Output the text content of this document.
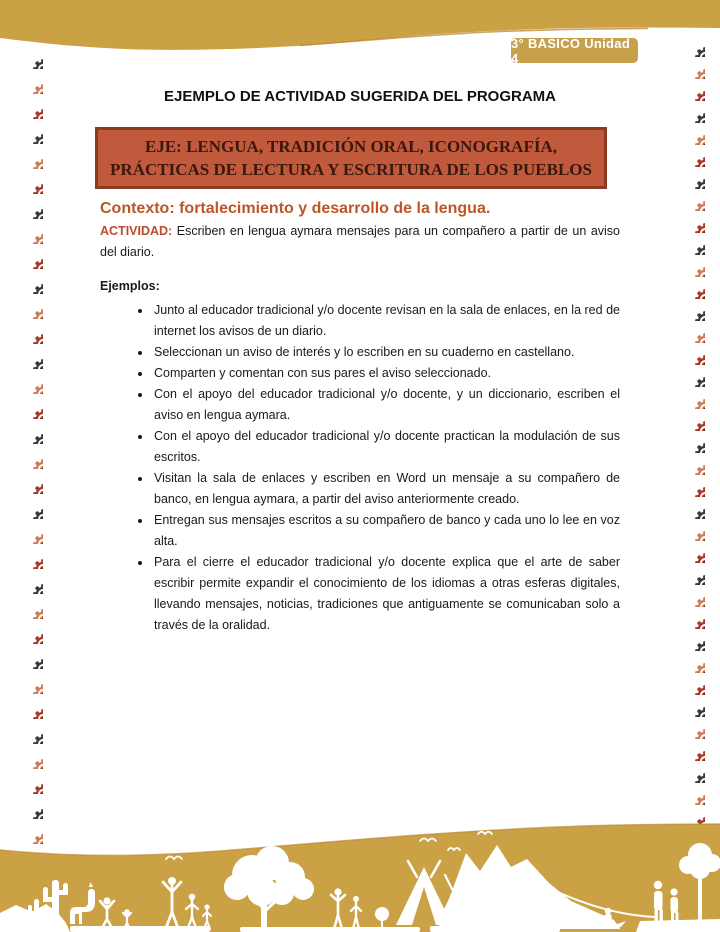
3° BÁSICO Unidad 4
EJEMPLO DE ACTIVIDAD SUGERIDA DEL PROGRAMA
EJE: LENGUA, TRADICIÓN ORAL, ICONOGRAFÍA,
PRÁCTICAS DE LECTURA Y ESCRITURA DE LOS PUEBLOS
Contexto: fortalecimiento y desarrollo de la lengua.

ACTIVIDAD: Escriben en lengua aymara mensajes para un compañero a partir de un aviso del diario.

Ejemplos:

• Junto al educador tradicional y/o docente revisan en la sala de enlaces, en la red de internet los avisos de un diario.
• Seleccionan un aviso de interés y lo escriben en su cuaderno en castellano.
• Comparten y comentan con sus pares el aviso seleccionado.
• Con el apoyo del educador tradicional y/o docente, y un diccionario, escriben el aviso en lengua aymara.
• Con el apoyo del educador tradicional y/o docente practican la modulación de sus escritos.
• Visitan la sala de enlaces y escriben en Word un mensaje a su compañero de banco, en lengua aymara, a partir del aviso anteriormente creado.
• Entregan sus mensajes escritos a su compañero de banco y cada uno lo lee en voz alta.
• Para el cierre el educador tradicional y/o docente explica que el arte de saber escribir permite expandir el conocimiento de los idiomas a otras esferas digitales, llevando mensajes, noticias, tradiciones que antiguamente se comunicaban solo a través de la oralidad.
